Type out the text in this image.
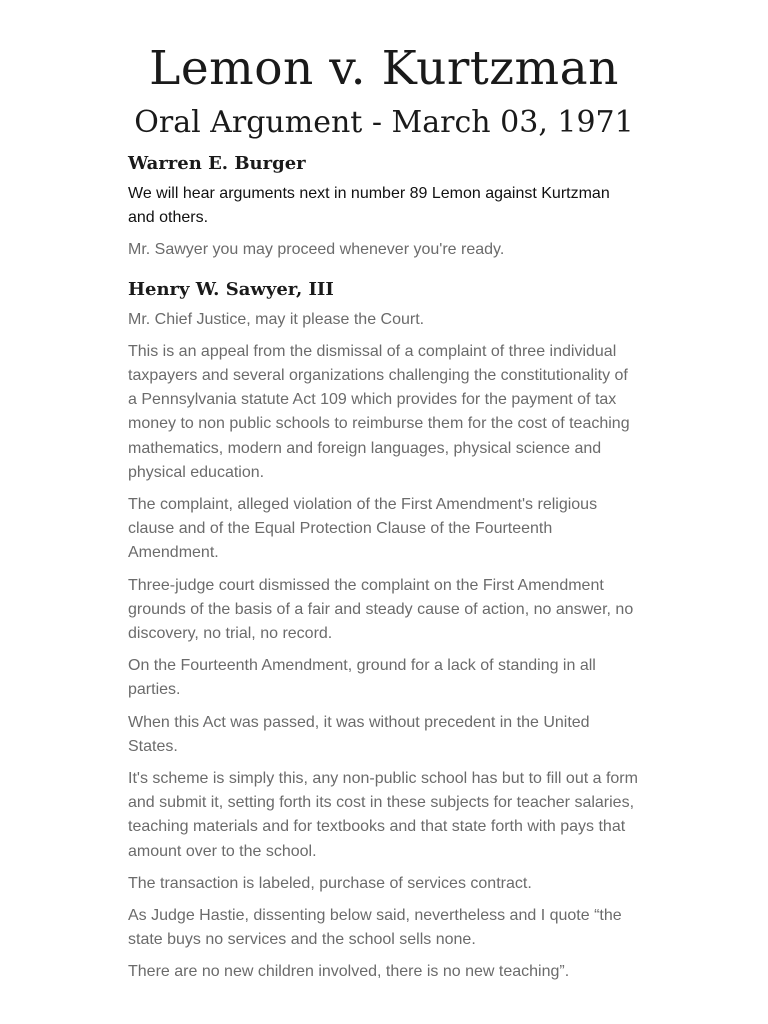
Lemon v. Kurtzman
Oral Argument - March 03, 1971
Warren E. Burger

We will hear arguments next in number 89 Lemon against Kurtzman and others.

Mr. Sawyer you may proceed whenever you're ready.

Henry W. Sawyer, III

Mr. Chief Justice, may it please the Court.

This is an appeal from the dismissal of a complaint of three individual taxpayers and several organizations challenging the constitutionality of a Pennsylvania statute Act 109 which provides for the payment of tax money to non public schools to reimburse them for the cost of teaching mathematics, modern and foreign languages, physical science and physical education.

The complaint, alleged violation of the First Amendment's religious clause and of the Equal Protection Clause of the Fourteenth Amendment.

Three-judge court dismissed the complaint on the First Amendment grounds of the basis of a fair and steady cause of action, no answer, no discovery, no trial, no record.

On the Fourteenth Amendment, ground for a lack of standing in all parties.

When this Act was passed, it was without precedent in the United States.

It's scheme is simply this, any non-public school has but to fill out a form and submit it, setting forth its cost in these subjects for teacher salaries, teaching materials and for textbooks and that state forth with pays that amount over to the school.

The transaction is labeled, purchase of services contract.

As Judge Hastie, dissenting below said, nevertheless and I quote “the state buys no services and the school sells none.

There are no new children involved, there is no new teaching”.
